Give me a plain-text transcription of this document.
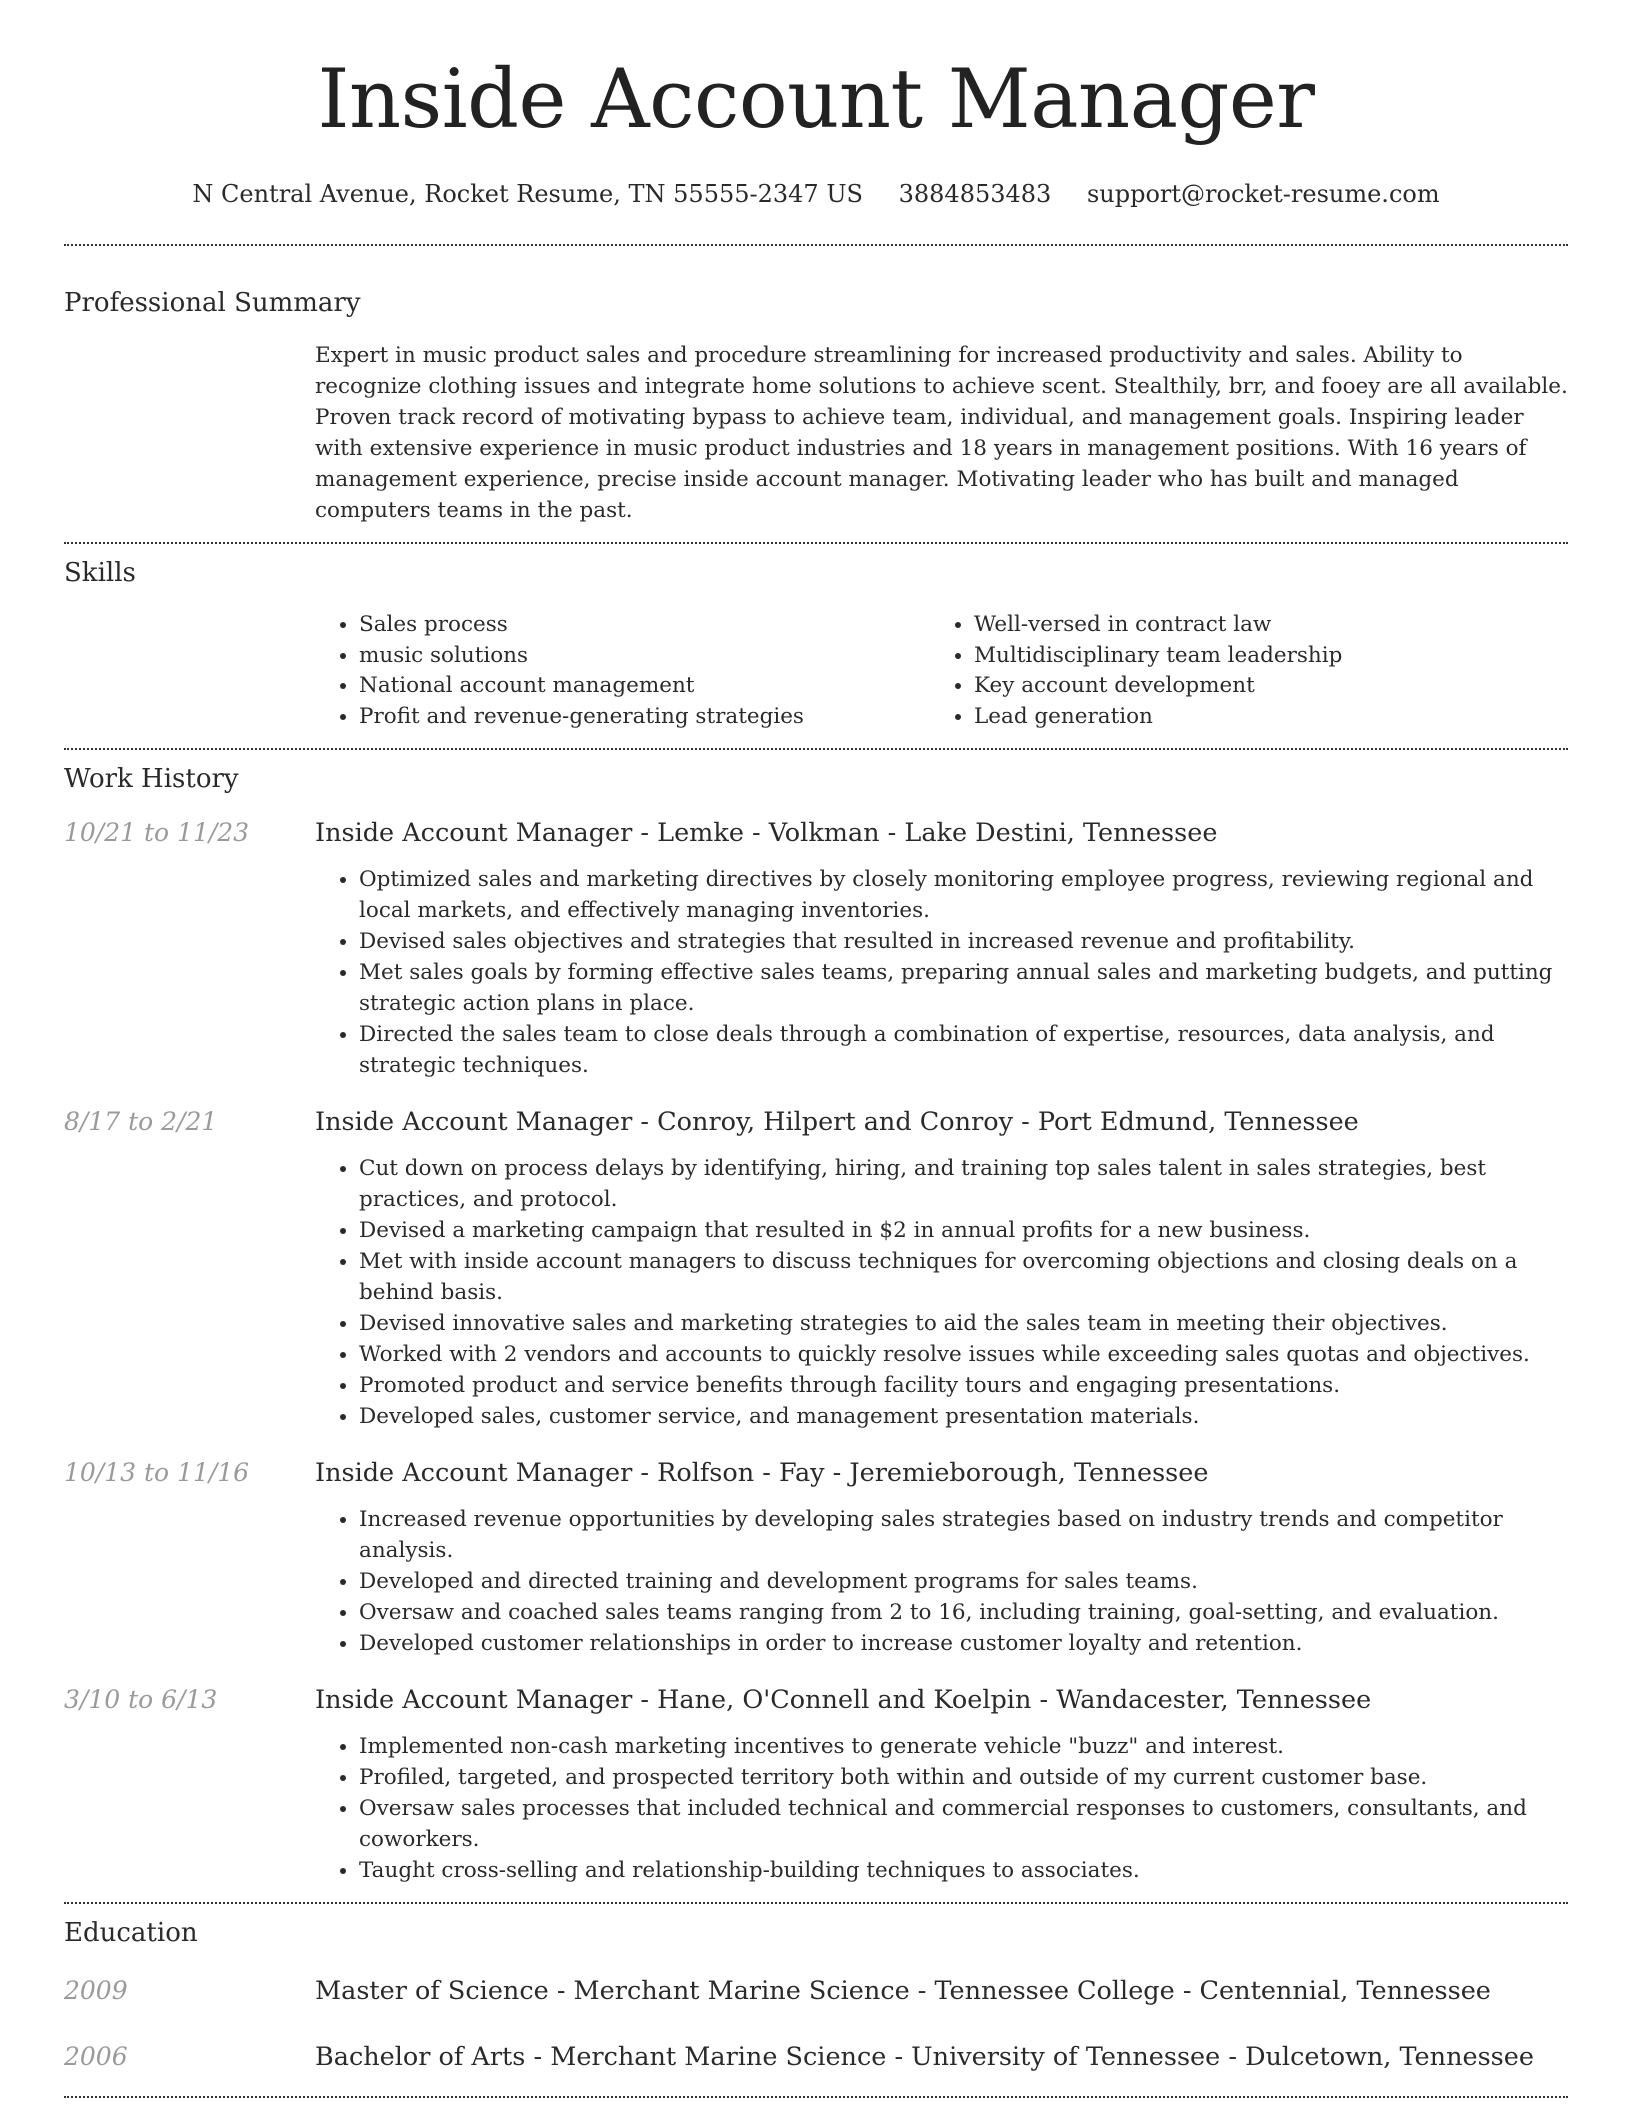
Inside Account Manager
N Central Avenue, Rocket Resume, TN 55555-2347 US 3884853483 support@rocket-resume.com
Professional Summary
Expert in music product sales and procedure streamlining for increased productivity and sales. Ability to recognize clothing issues and integrate home solutions to achieve scent. Stealthily, brr, and fooey are all available. Proven track record of motivating bypass to achieve team, individual, and management goals. Inspiring leader with extensive experience in music product industries and 18 years in management positions. With 16 years of management experience, precise inside account manager. Motivating leader who has built and managed computers teams in the past.
Skills
• Sales process
• music solutions
• National account management
• Profit and revenue-generating strategies
• Well-versed in contract law
• Multidisciplinary team leadership
• Key account development
• Lead generation
Work History
10/21 to 11/23	Inside Account Manager - Lemke - Volkman - Lake Destini, Tennessee
• Optimized sales and marketing directives by closely monitoring employee progress, reviewing regional and local markets, and effectively managing inventories.
• Devised sales objectives and strategies that resulted in increased revenue and profitability.
• Met sales goals by forming effective sales teams, preparing annual sales and marketing budgets, and putting strategic action plans in place.
• Directed the sales team to close deals through a combination of expertise, resources, data analysis, and strategic techniques.
8/17 to 2/21	Inside Account Manager - Conroy, Hilpert and Conroy - Port Edmund, Tennessee
• Cut down on process delays by identifying, hiring, and training top sales talent in sales strategies, best practices, and protocol.
• Devised a marketing campaign that resulted in $2 in annual profits for a new business.
• Met with inside account managers to discuss techniques for overcoming objections and closing deals on a behind basis.
• Devised innovative sales and marketing strategies to aid the sales team in meeting their objectives.
• Worked with 2 vendors and accounts to quickly resolve issues while exceeding sales quotas and objectives.
• Promoted product and service benefits through facility tours and engaging presentations.
• Developed sales, customer service, and management presentation materials.
10/13 to 11/16	Inside Account Manager - Rolfson - Fay - Jeremieborough, Tennessee
• Increased revenue opportunities by developing sales strategies based on industry trends and competitor analysis.
• Developed and directed training and development programs for sales teams.
• Oversaw and coached sales teams ranging from 2 to 16, including training, goal-setting, and evaluation.
• Developed customer relationships in order to increase customer loyalty and retention.
3/10 to 6/13	Inside Account Manager - Hane, O'Connell and Koelpin - Wandacester, Tennessee
• Implemented non-cash marketing incentives to generate vehicle "buzz" and interest.
• Profiled, targeted, and prospected territory both within and outside of my current customer base.
• Oversaw sales processes that included technical and commercial responses to customers, consultants, and coworkers.
• Taught cross-selling and relationship-building techniques to associates.
Education
2009	Master of Science - Merchant Marine Science - Tennessee College - Centennial, Tennessee
2006	Bachelor of Arts - Merchant Marine Science - University of Tennessee - Dulcetown, Tennessee
